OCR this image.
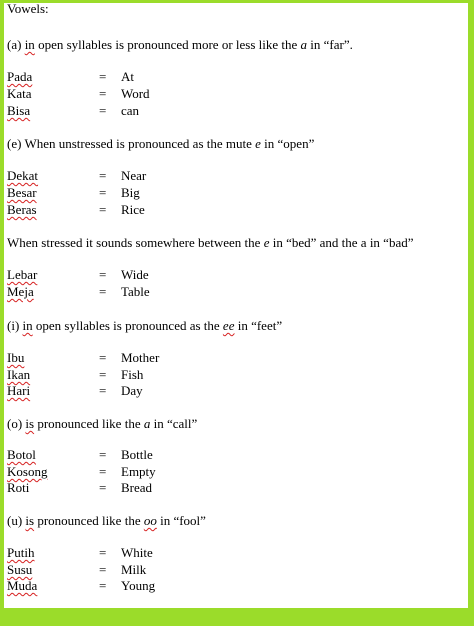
Vowels:
(a) in open syllables is pronounced more or less like the a in “far”.
Pada	= At
Kata	= Word
Bisa	= can
(e) When unstressed is pronounced as the mute e in “open”
Dekat	= Near
Besar	= Big
Beras	= Rice
When stressed it sounds somewhere between the e in “bed” and the a in “bad”
Lebar	= Wide
Meja	= Table
(i) in open syllables is pronounced as the ee in “feet”
Ibu	= Mother
Ikan	= Fish
Hari	= Day
(o) is pronounced like the a in “call”
Botol	= Bottle
Kosong	= Empty
Roti	= Bread
(u) is pronounced like the oo in “fool”
Putih	= White
Susu	= Milk
Muda	= Young
